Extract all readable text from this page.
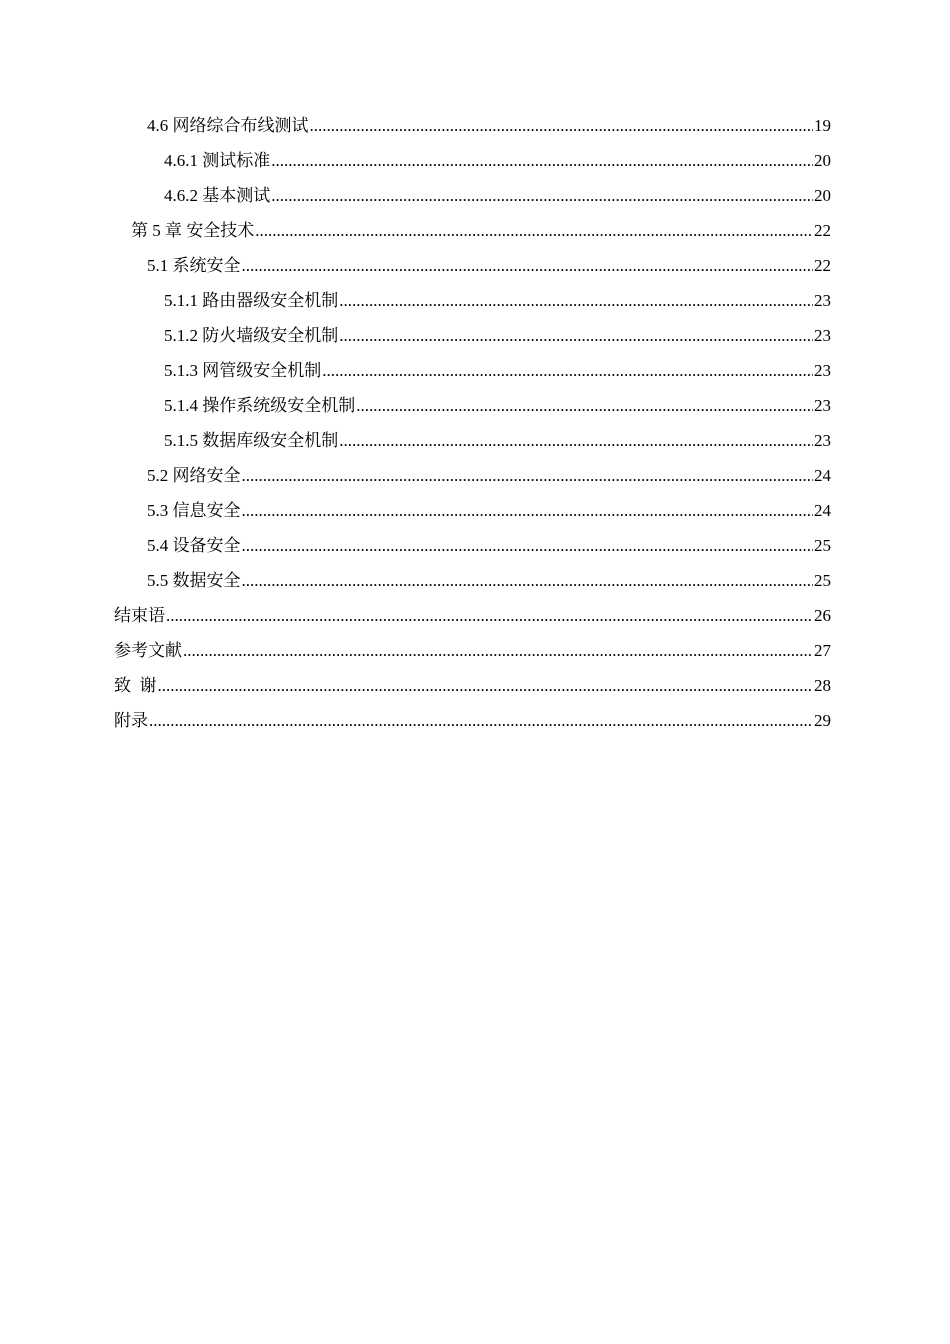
4.6 网络综合布线测试 .....	19
4.6.1 测试标准 .....	20
4.6.2 基本测试 .....	20
第 5 章 安全技术 .....	22
5.1 系统安全 .....	22
5.1.1 路由器级安全机制 .....	23
5.1.2 防火墙级安全机制 .....	23
5.1.3 网管级安全机制 .....	23
5.1.4 操作系统级安全机制 .....	23
5.1.5 数据库级安全机制 .....	23
5.2 网络安全 .....	24
5.3 信息安全 .....	24
5.4 设备安全 .....	25
5.5 数据安全 .....	25
结束语 .....	26
参考文献 .....	27
致  谢 .....	28
附录 .....	29
